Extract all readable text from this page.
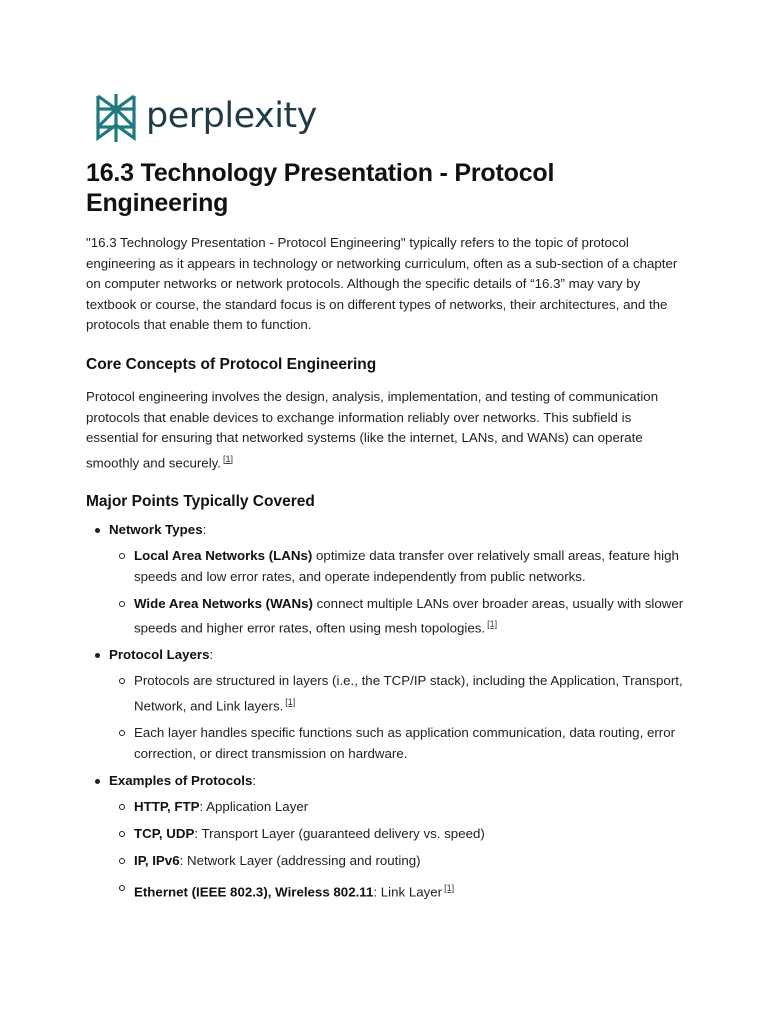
perplexity
16.3 Technology Presentation - Protocol Engineering

"16.3 Technology Presentation - Protocol Engineering" typically refers to the topic of protocol engineering as it appears in technology or networking curriculum, often as a sub-section of a chapter on computer networks or network protocols. Although the specific details of “16.3” may vary by textbook or course, the standard focus is on different types of networks, their architectures, and the protocols that enable them to function.

Core Concepts of Protocol Engineering

Protocol engineering involves the design, analysis, implementation, and testing of communication protocols that enable devices to exchange information reliably over networks. This subfield is essential for ensuring that networked systems (like the internet, LANs, and WANs) can operate smoothly and securely. [1]

Major Points Typically Covered
Network Types:
Local Area Networks (LANs) optimize data transfer over relatively small areas, feature high speeds and low error rates, and operate independently from public networks.
Wide Area Networks (WANs) connect multiple LANs over broader areas, usually with slower speeds and higher error rates, often using mesh topologies. [1]
Protocol Layers:
Protocols are structured in layers (i.e., the TCP/IP stack), including the Application, Transport, Network, and Link layers. [1]
Each layer handles specific functions such as application communication, data routing, error correction, or direct transmission on hardware.
Examples of Protocols:
HTTP, FTP: Application Layer
TCP, UDP: Transport Layer (guaranteed delivery vs. speed)
IP, IPv6: Network Layer (addressing and routing)
Ethernet (IEEE 802.3), Wireless 802.11: Link Layer [1]
